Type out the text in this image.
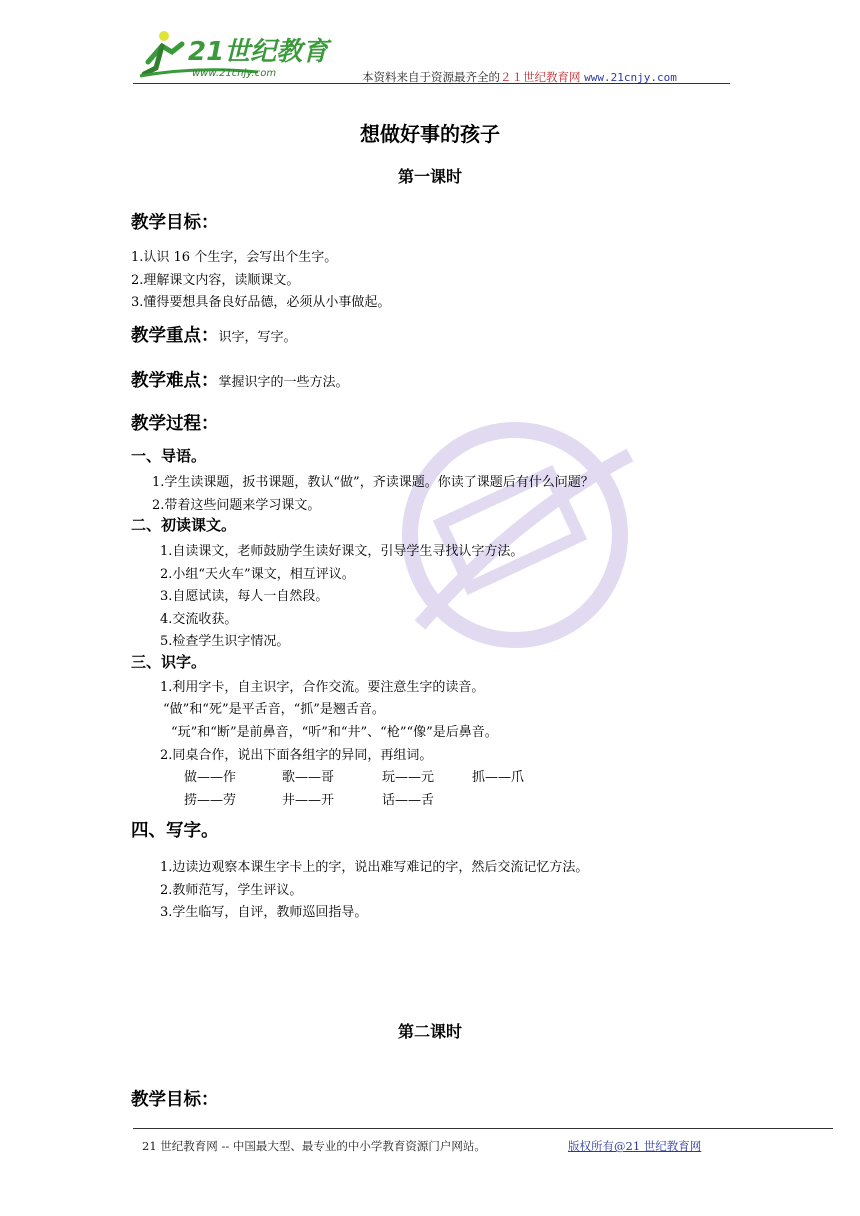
21世纪教育
www.21cnjy.com	本资料来自于资源最齐全的２１世纪教育网 www.21cnjy.com
想做好事的孩子
第一课时
教学目标：
1.认识 16 个生字，会写出个生字。
2.理解课文内容，读顺课文。
3.懂得要想具备良好品德，必须从小事做起。
教学重点：识字，写字。
教学难点：掌握识字的一些方法。
教学过程：
一、导语。
1.学生读课题，扳书课题，教认“做”，齐读课题。你读了课题后有什么问题？
2.带着这些问题来学习课文。
二、初读课文。
1.自读课文，老师鼓励学生读好课文，引导学生寻找认字方法。
2.小组“天火车”课文，相互评议。
3.自愿试读，每人一自然段。
4.交流收获。
5.检查学生识字情况。
三、识字。
1.利用字卡，自主识字，合作交流。要注意生字的读音。
“做”和“死”是平舌音，“抓”是翘舌音。
“玩”和“断”是前鼻音，“听”和“井”、“枪”“像”是后鼻音。
2.同桌合作，说出下面各组字的异同，再组词。
做——作	歌——哥	玩——元	抓——爪
捞——劳	井——开	话——舌
四、写字。
1.边读边观察本课生字卡上的字，说出难写难记的字，然后交流记忆方法。
2.教师范写，学生评议。
3.学生临写，自评，教师巡回指导。
第二课时
教学目标：
21 世纪教育网 -- 中国最大型、最专业的中小学教育资源门户网站。	版权所有@21 世纪教育网
